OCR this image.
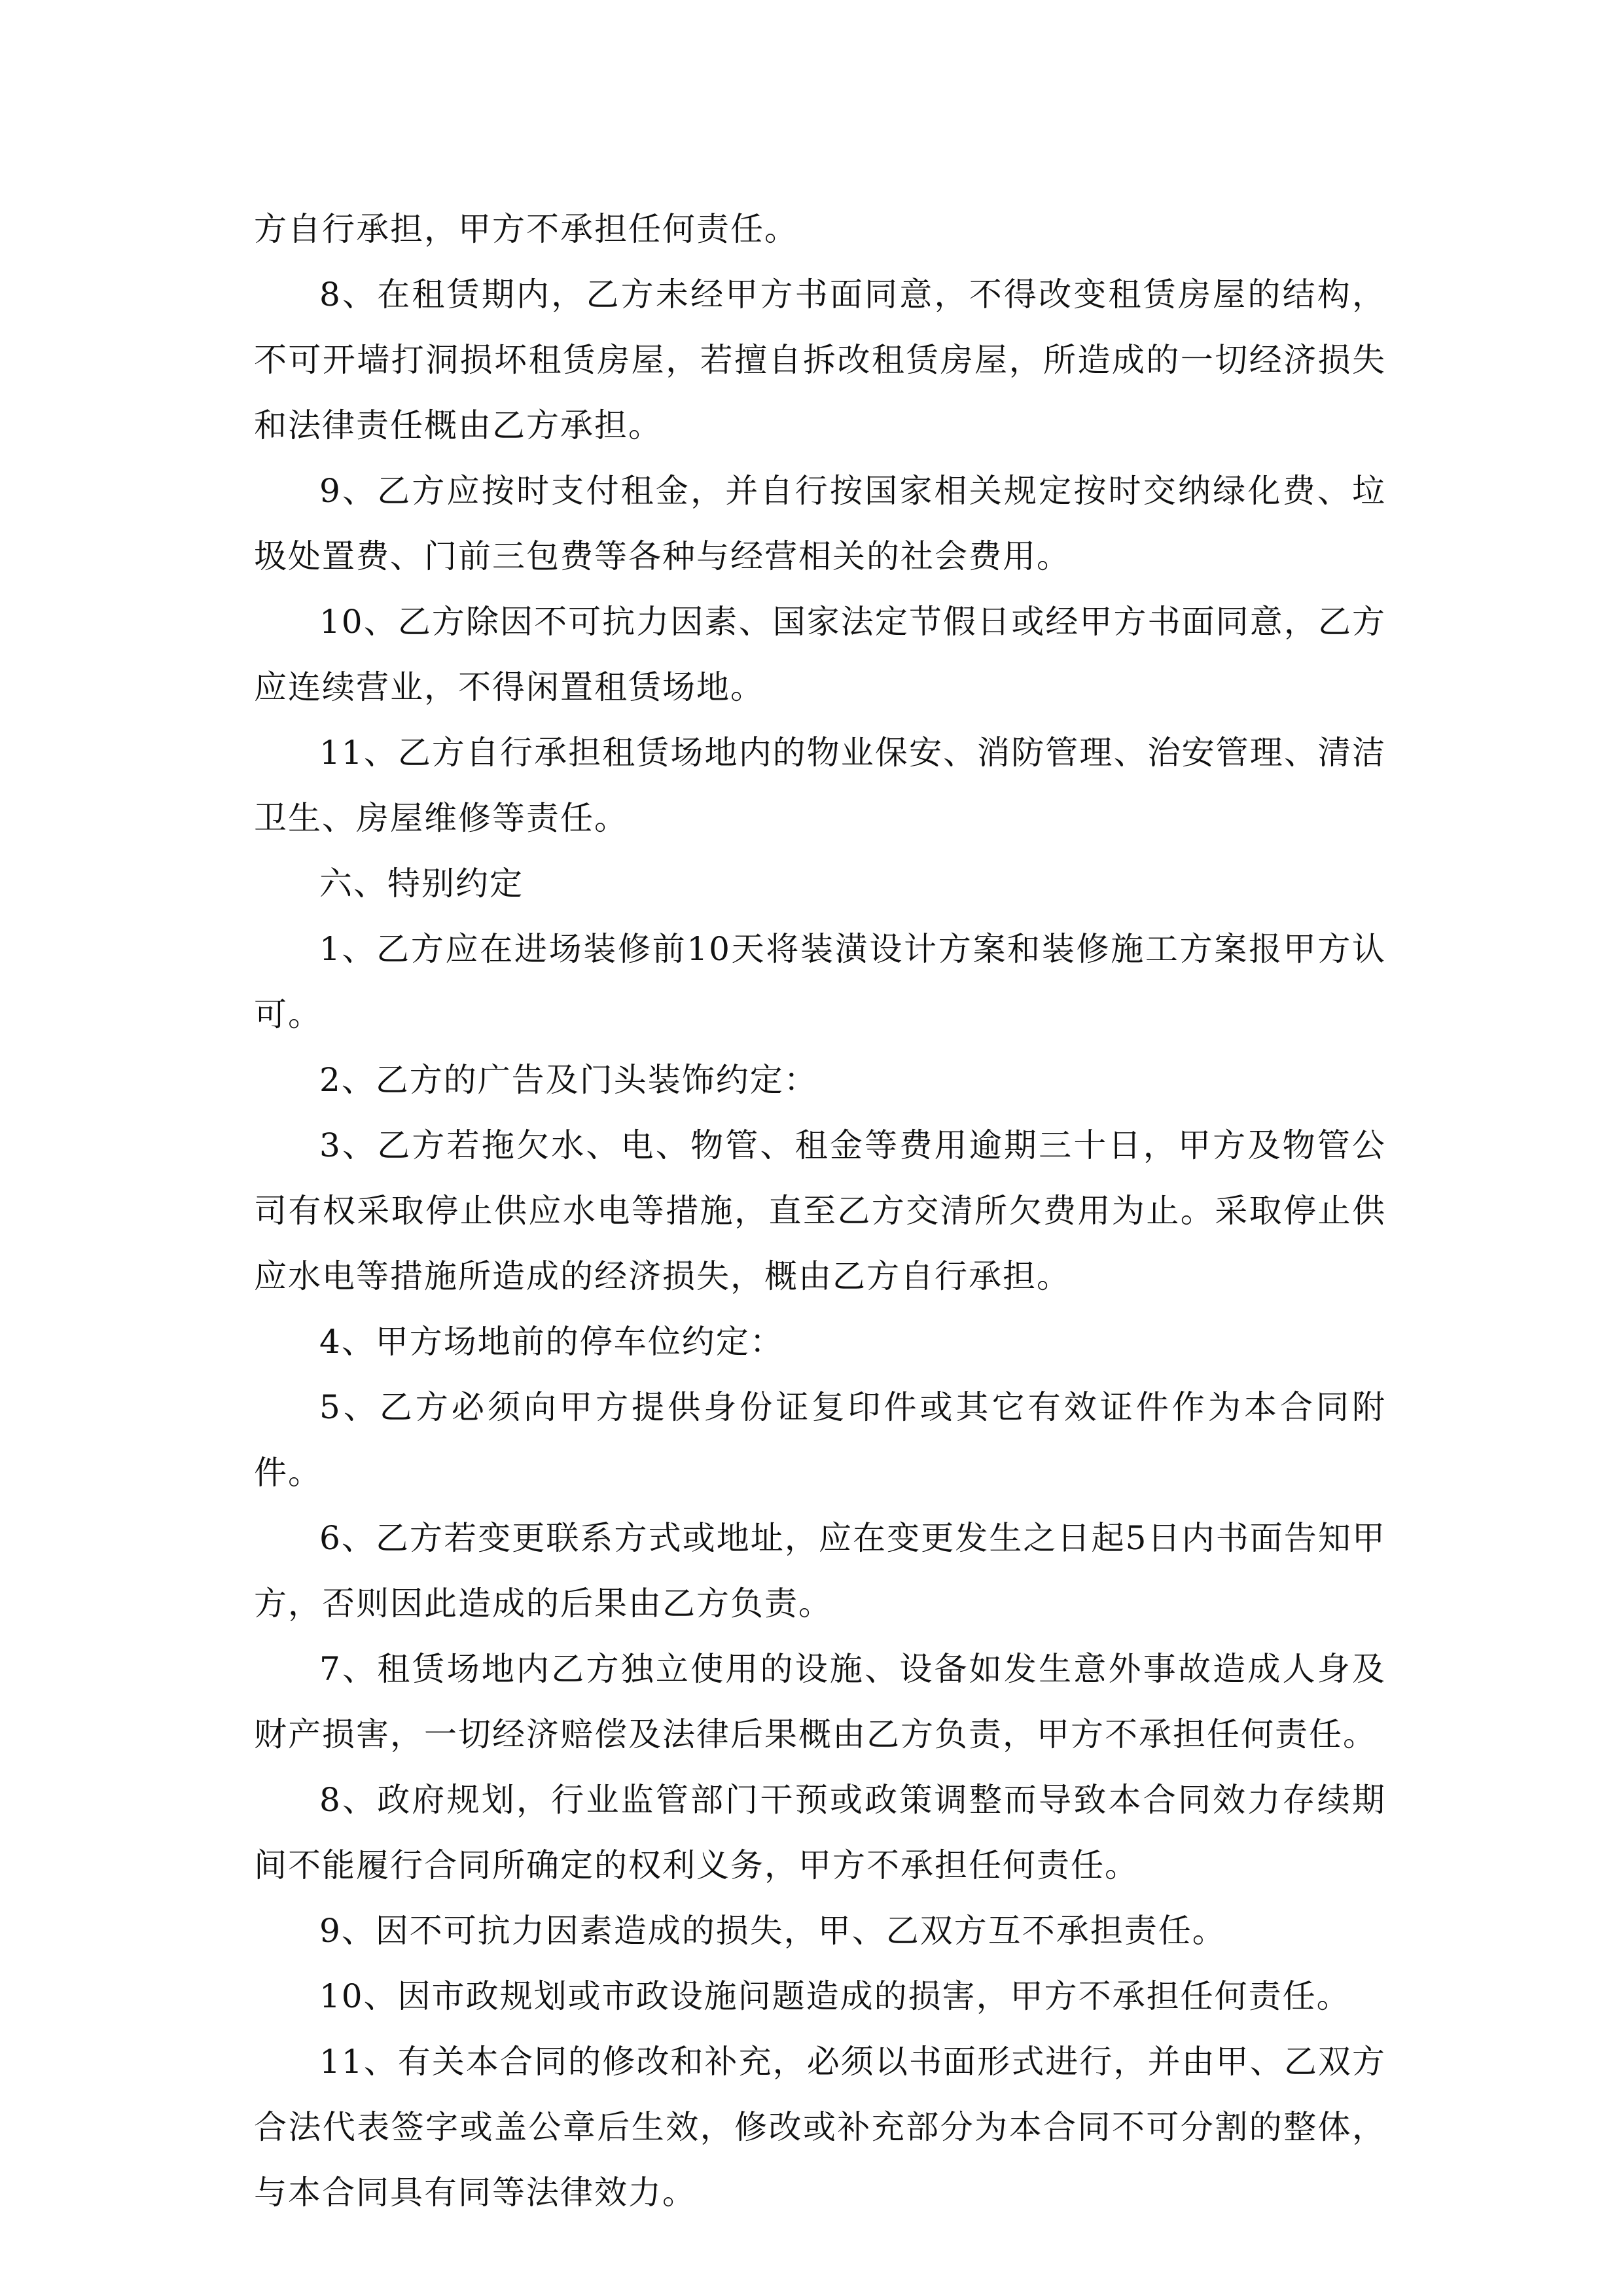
方自行承担，甲方不承担任何责任。

8、在租赁期内，乙方未经甲方书面同意，不得改变租赁房屋的结构，不可开墙打洞损坏租赁房屋，若擅自拆改租赁房屋，所造成的一切经济损失和法律责任概由乙方承担。

9、乙方应按时支付租金，并自行按国家相关规定按时交纳绿化费、垃圾处置费、门前三包费等各种与经营相关的社会费用。

10、乙方除因不可抗力因素、国家法定节假日或经甲方书面同意，乙方应连续营业，不得闲置租赁场地。

11、乙方自行承担租赁场地内的物业保安、消防管理、治安管理、清洁卫生、房屋维修等责任。

六、特别约定

1、乙方应在进场装修前10天将装潢设计方案和装修施工方案报甲方认可。

2、乙方的广告及门头装饰约定：

3、乙方若拖欠水、电、物管、租金等费用逾期三十日，甲方及物管公司有权采取停止供应水电等措施，直至乙方交清所欠费用为止。采取停止供应水电等措施所造成的经济损失，概由乙方自行承担。

4、甲方场地前的停车位约定：

5、乙方必须向甲方提供身份证复印件或其它有效证件作为本合同附件。

6、乙方若变更联系方式或地址，应在变更发生之日起5日内书面告知甲方，否则因此造成的后果由乙方负责。

7、租赁场地内乙方独立使用的设施、设备如发生意外事故造成人身及财产损害，一切经济赔偿及法律后果概由乙方负责，甲方不承担任何责任。

8、政府规划，行业监管部门干预或政策调整而导致本合同效力存续期间不能履行合同所确定的权利义务，甲方不承担任何责任。

9、因不可抗力因素造成的损失，甲、乙双方互不承担责任。

10、因市政规划或市政设施问题造成的损害，甲方不承担任何责任。

11、有关本合同的修改和补充，必须以书面形式进行，并由甲、乙双方合法代表签字或盖公章后生效，修改或补充部分为本合同不可分割的整体，与本合同具有同等法律效力。
